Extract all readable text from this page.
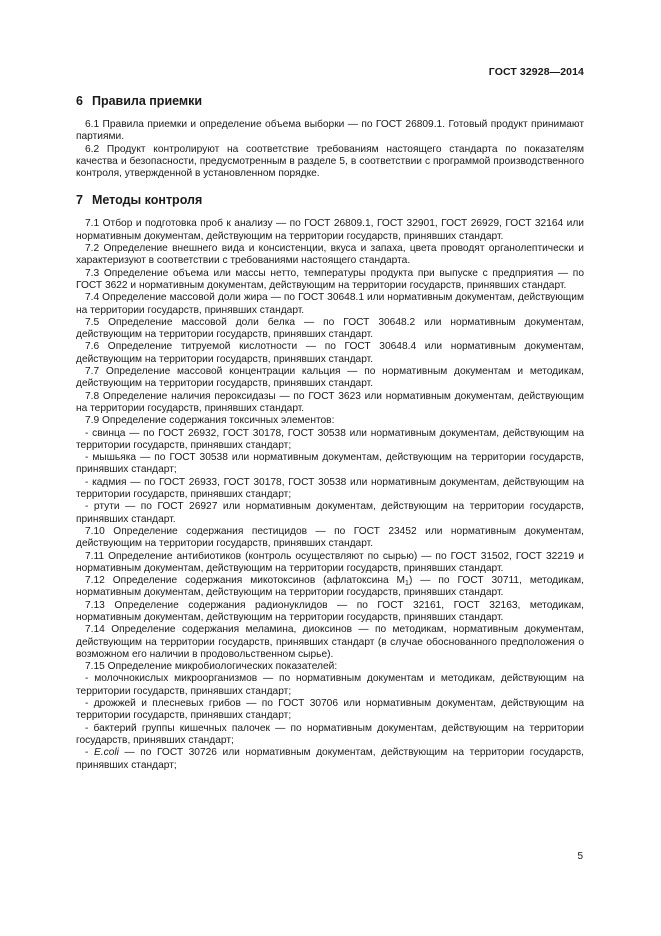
ГОСТ 32928—2014
6 Правила приемки

6.1 Правила приемки и определение объема выборки — по ГОСТ 26809.1. Готовый продукт принимают партиями.

6.2 Продукт контролируют на соответствие требованиям настоящего стандарта по показателям качества и безопасности, предусмотренным в разделе 5, в соответствии с программой производственного контроля, утвержденной в установленном порядке.

7 Методы контроля

7.1 Отбор и подготовка проб к анализу — по ГОСТ 26809.1, ГОСТ 32901, ГОСТ 26929, ГОСТ 32164 или нормативным документам, действующим на территории государств, принявших стандарт.

7.2 Определение внешнего вида и консистенции, вкуса и запаха, цвета проводят органолептически и характеризуют в соответствии с требованиями настоящего стандарта.

7.3 Определение объема или массы нетто, температуры продукта при выпуске с предприятия — по ГОСТ 3622 и нормативным документам, действующим на территории государств, принявших стандарт.

7.4 Определение массовой доли жира — по ГОСТ 30648.1 или нормативным документам, действующим на территории государств, принявших стандарт.

7.5 Определение массовой доли белка — по ГОСТ 30648.2 или нормативным документам, действующим на территории государств, принявших стандарт.

7.6 Определение титруемой кислотности — по ГОСТ 30648.4 или нормативным документам, действующим на территории государств, принявших стандарт.

7.7 Определение массовой концентрации кальция — по нормативным документам и методикам, действующим на территории государств, принявших стандарт.

7.8 Определение наличия пероксидазы — по ГОСТ 3623 или нормативным документам, действующим на территории государств, принявших стандарт.

7.9 Определение содержания токсичных элементов:

- свинца — по ГОСТ 26932, ГОСТ 30178, ГОСТ 30538 или нормативным документам, действующим на территории государств, принявших стандарт;

- мышьяка — по ГОСТ 30538 или нормативным документам, действующим на территории государств, принявших стандарт;

- кадмия — по ГОСТ 26933, ГОСТ 30178, ГОСТ 30538 или нормативным документам, действующим на территории государств, принявших стандарт;

- ртути — по ГОСТ 26927 или нормативным документам, действующим на территории государств, принявших стандарт.

7.10 Определение содержания пестицидов — по ГОСТ 23452 или нормативным документам, действующим на территории государств, принявших стандарт.

7.11 Определение антибиотиков (контроль осуществляют по сырью) — по ГОСТ 31502, ГОСТ 32219 и нормативным документам, действующим на территории государств, принявших стандарт.

7.12 Определение содержания микотоксинов (афлатоксина $M_1$) — по ГОСТ 30711, методикам, нормативным документам, действующим на территории государств, принявших стандарт.

7.13 Определение содержания радионуклидов — по ГОСТ 32161, ГОСТ 32163, методикам, нормативным документам, действующим на территории государств, принявших стандарт.

7.14 Определение содержания меламина, диоксинов — по методикам, нормативным документам, действующим на территории государств, принявших стандарт (в случае обоснованного предположения о возможном его наличии в продовольственном сырье).

7.15 Определение микробиологических показателей:

- молочнокислых микроорганизмов — по нормативным документам и методикам, действующим на территории государств, принявших стандарт;

- дрожжей и плесневых грибов — по ГОСТ 30706 или нормативным документам, действующим на территории государств, принявших стандарт;

- бактерий группы кишечных палочек — по нормативным документам, действующим на территории государств, принявших стандарт;

- E.coli — по ГОСТ 30726 или нормативным документам, действующим на территории государств, принявших стандарт;

5
